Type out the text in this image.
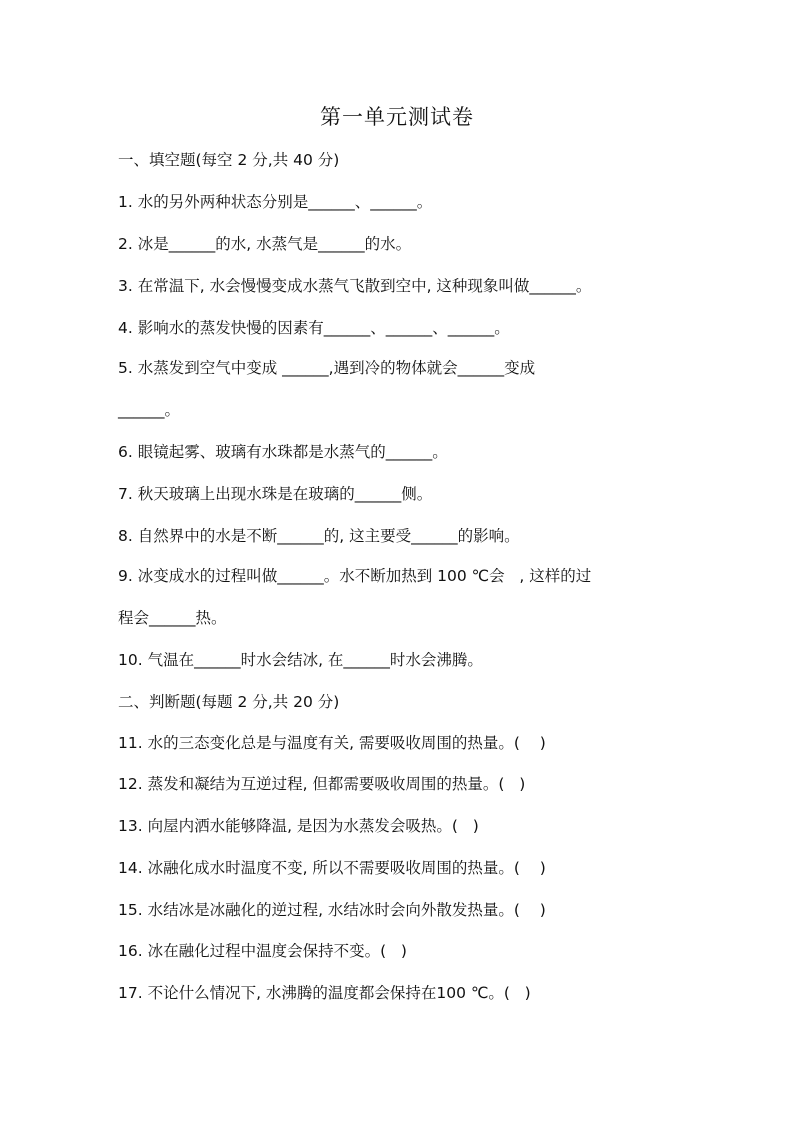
第一单元测试卷
一、填空题(每空 2 分,共 40 分)
1. 水的另外两种状态分别是______、______。
2. 冰是______的水, 水蒸气是______的水。
3. 在常温下, 水会慢慢变成水蒸气飞散到空中, 这种现象叫做______。
4. 影响水的蒸发快慢的因素有______、______、______。
5. 水蒸发到空气中变成 ______,遇到冷的物体就会______变成
______。
6. 眼镜起雾、玻璃有水珠都是水蒸气的______。
7. 秋天玻璃上出现水珠是在玻璃的______侧。
8. 自然界中的水是不断______的, 这主要受______的影响。
9. 冰变成水的过程叫做______。水不断加热到 100 ℃会   , 这样的过
程会______热。
10. 气温在______时水会结冰, 在______时水会沸腾。
二、判断题(每题 2 分,共 20 分)
11. 水的三态变化总是与温度有关, 需要吸收周围的热量。(    )
12. 蒸发和凝结为互逆过程, 但都需要吸收周围的热量。(   )
13. 向屋内洒水能够降温, 是因为水蒸发会吸热。(   )
14. 冰融化成水时温度不变, 所以不需要吸收周围的热量。(    )
15. 水结冰是冰融化的逆过程, 水结冰时会向外散发热量。(    )
16. 冰在融化过程中温度会保持不变。(   )
17. 不论什么情况下, 水沸腾的温度都会保持在100 ℃。(   )
